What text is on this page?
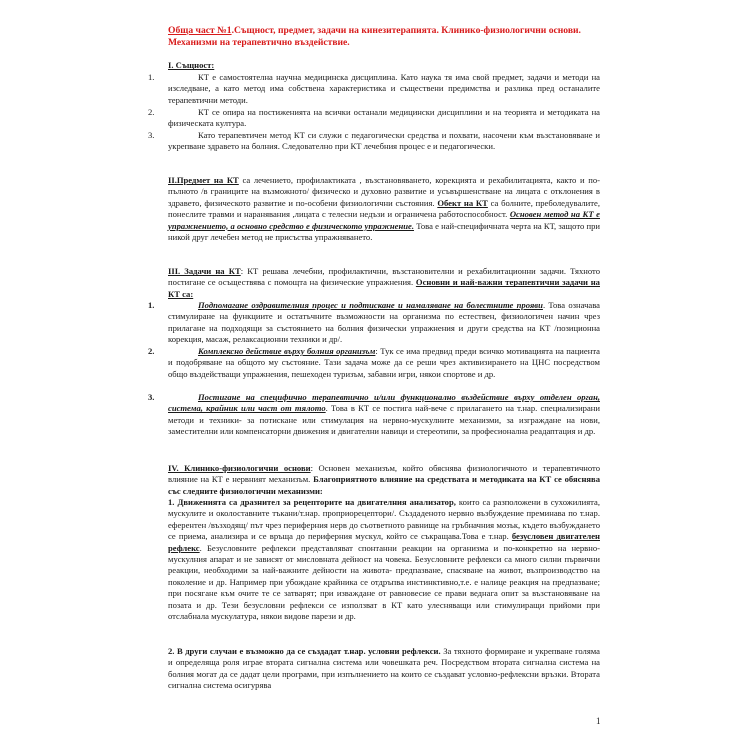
Обща част №1.Същност, предмет, задачи на кинезитерапията. Клинико-физиологични основи. Механизми на терапевтично въздействие.

I. Същност:

1.	КТ е самостоятелна научна медицинска дисциплина. Като наука тя има свой предмет, задачи и методи на изследване, а като метод има собствена характеристика и съществени предимства и разлика пред останалите терапевтични методи.

2.	КТ се опира на постиженията на всички останали медицински дисциплини и на теорията и методиката на физическата култура.

3.	Като терапевтичен метод КТ си служи с педагогически средства и похвати, насочени към възстановяване и укрепване здравето на болния. Следователно при КТ лечебния процес е и педагогически.

II.Предмет на КТ са лечението, профилактиката , възстановяването, корекцията и рехабилитацията, както и по-пълното /в границите на възможното/ физическо и духовно развитие и усъвършенстване на лицата с отклонения в здравето, физическото развитие и по-особени физиологични състояния. Обект на КТ са болните, преболедувалите, понеслите травми и наранявания ,лицата с телесни недъзи и ограничена работоспособност. Основен метод на КТ е упражнението, а основно средство е физическото упражнение. Това е най-специфичната черта на КТ, защото при никой друг лечебен метод не присъства упражняването.

III. Задачи на КТ: КТ решава лечебни, профилактични, възстановителни и рехабилитационни задачи. Тяхното постигане се осъществява с помощта на физические упражнения. Основни и най-важни терапевтични задачи на КТ са:

1.	Подпомагане оздравителния процес и подтискане и намаляване на болестните прояви. Това означава стимулиране на функциите и остатъчните възможности на организма по естествен, физиологичен начин чрез прилагане на подходящи за състоянието на болния физически упражнения и други средства на КТ /позиционна корекция, масаж, релаксационни техники и др/.

2.	Комплексно действие върху болния организъм: Тук се има предвид преди всичко мотивацията на пациента и подобряване на общото му състояние. Тази задача може да се реши чрез активизирането на ЦНС посредством общо въздействащи упражнения, пешеходен туризъм, забавни игри, някои спортове и др.

3.	Постигане на специфично терапевтично и/или функционално въздействие върху отделен орган, система, крайник или част от тялото. Това в КТ се постига най-вече с прилагането на т.нар. специализирани методи и техники- за потискане или стимулация на нервно-мускулните механизми, за изграждане на нови, заместителни или компенсаторни движения и двигателни навици и стереотипи, за професионална реадаптация и др.

IV. Клинико-физиологични основи: Основен механизъм, който обяснява физиологичното и терапевтичното влияние на КТ е нервният механизъм. Благоприятното влияние на средствата и методиката на КТ се обяснява със следните физиологични механизми:

1. Движенията са дразнител за рецепторите на двигателния анализатор, които са разположени в сухожилията, мускулите и околоставните тъкани/т.нар. проприорецептори/. Създаденото нервно възбуждение преминава по т.нар. еферентен /възходящ/ път чрез периферния нерв до съответното равнище на гръбначния мозък, където възбуждането се приема, анализира и се връща до периферния мускул, който се съкращава.Това е т.нар. безусловен двигателен рефлекс. Безусловните рефлекси представляват спонтанни реакции на организма и по-конкретно на нервно-мускулния апарат и не зависят от мисловната дейност на човека. Безусловните рефлекси са много силни първични реакции, необходими за най-важните дейности на живота- предпазване, спасяване на живот, възпроизводство на поколение и др. Например при убождане крайника се отдръпва инстинктивно,т.е. е налице реакция на предпазване; при посягане към очите те се затварят; при изваждане от равновесие се прави веднага опит за възстановяване на позата и др. Тези безусловни рефлекси се използват в КТ като улесняващи или стимулиращи прийоми при отслабнала мускулатура, някои видове парези и др.

2. В други случаи е възможно да се създадат т.нар. условни рефлекси. За тяхното формиране и укрепване голяма и определяща роля играе втората сигнална система или човешката реч. Посредством втората сигнална система на болния могат да се дадат цели програми, при изпълнението на които се създават условно-рефлексни връзки. Втората сигнална система осигурява

1
